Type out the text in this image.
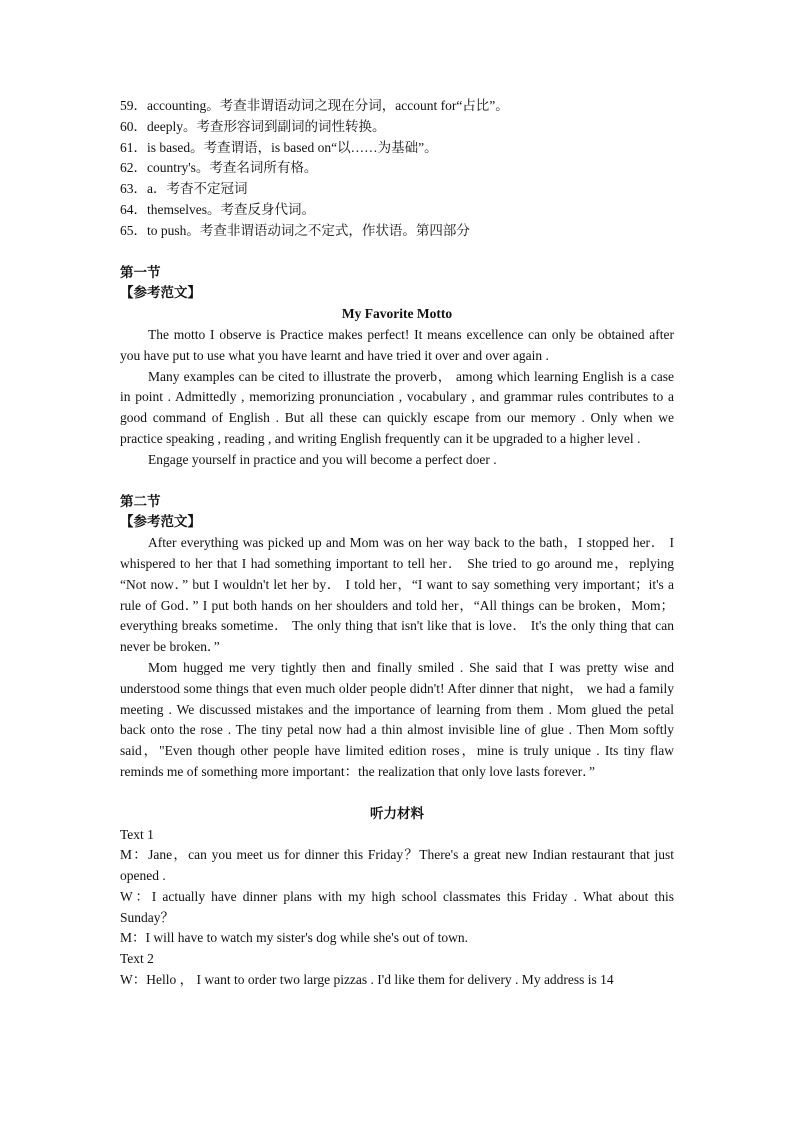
59．accounting。考查非谓语动词之现在分词，account for“占比”。

60．deeply。考查形容词到副词的词性转换。

61．is based。考查谓语，is based on“以……为基础”。

62．country's。考查名词所有格。

63．a．考杳不定冠词

64．themselves。考查反身代词。

65．to push。考查非谓语动词之不定式，作状语。第四部分

第一节

【参考范文】

My Favorite Motto

The motto I observe is Practice makes perfect! It means excellence can only be obtained after you have put to use what you have learnt and have tried it over and over again .

Many examples can be cited to illustrate the proverb， among which learning English is a case in point . Admittedly , memorizing pronunciation , vocabulary , and grammar rules contributes to a good command of English . But all these can quickly escape from our memory . Only when we practice speaking , reading , and writing English frequently can it be upgraded to a higher level .

Engage yourself in practice and you will become a perfect doer .

第二节

【参考范文】

After everything was picked up and Mom was on her way back to the bath，I stopped her． I whispered to her that I had something important to tell her． She tried to go around me，replying “Not now．” but I wouldn't let her by． I told her，“I want to say something very important；it's a rule of God．” I put both hands on her shoulders and told her，“All things can be broken，Mom；everything breaks sometime． The only thing that isn't like that is love． It's the only thing that can never be broken．”

Mom hugged me very tightly then and finally smiled . She said that I was pretty wise and understood some things that even much older people didn't! After dinner that night， we had a family meeting . We discussed mistakes and the importance of learning from them . Mom glued the petal back onto the rose . The tiny petal now had a thin almost invisible line of glue . Then Mom softly said，"Even though other people have limited edition roses，mine is truly unique . Its tiny flaw reminds me of something more important：the realization that only love lasts forever．”

听力材料

Text 1

M：Jane，can you meet us for dinner this Friday？There's a great new Indian restaurant that just opened .

W：I actually have dinner plans with my high school classmates this Friday . What about this Sunday？

M：I will have to watch my sister's dog while she's out of town.

Text 2

W：Hello ， I want to order two large pizzas . I'd like them for delivery . My address is 14
